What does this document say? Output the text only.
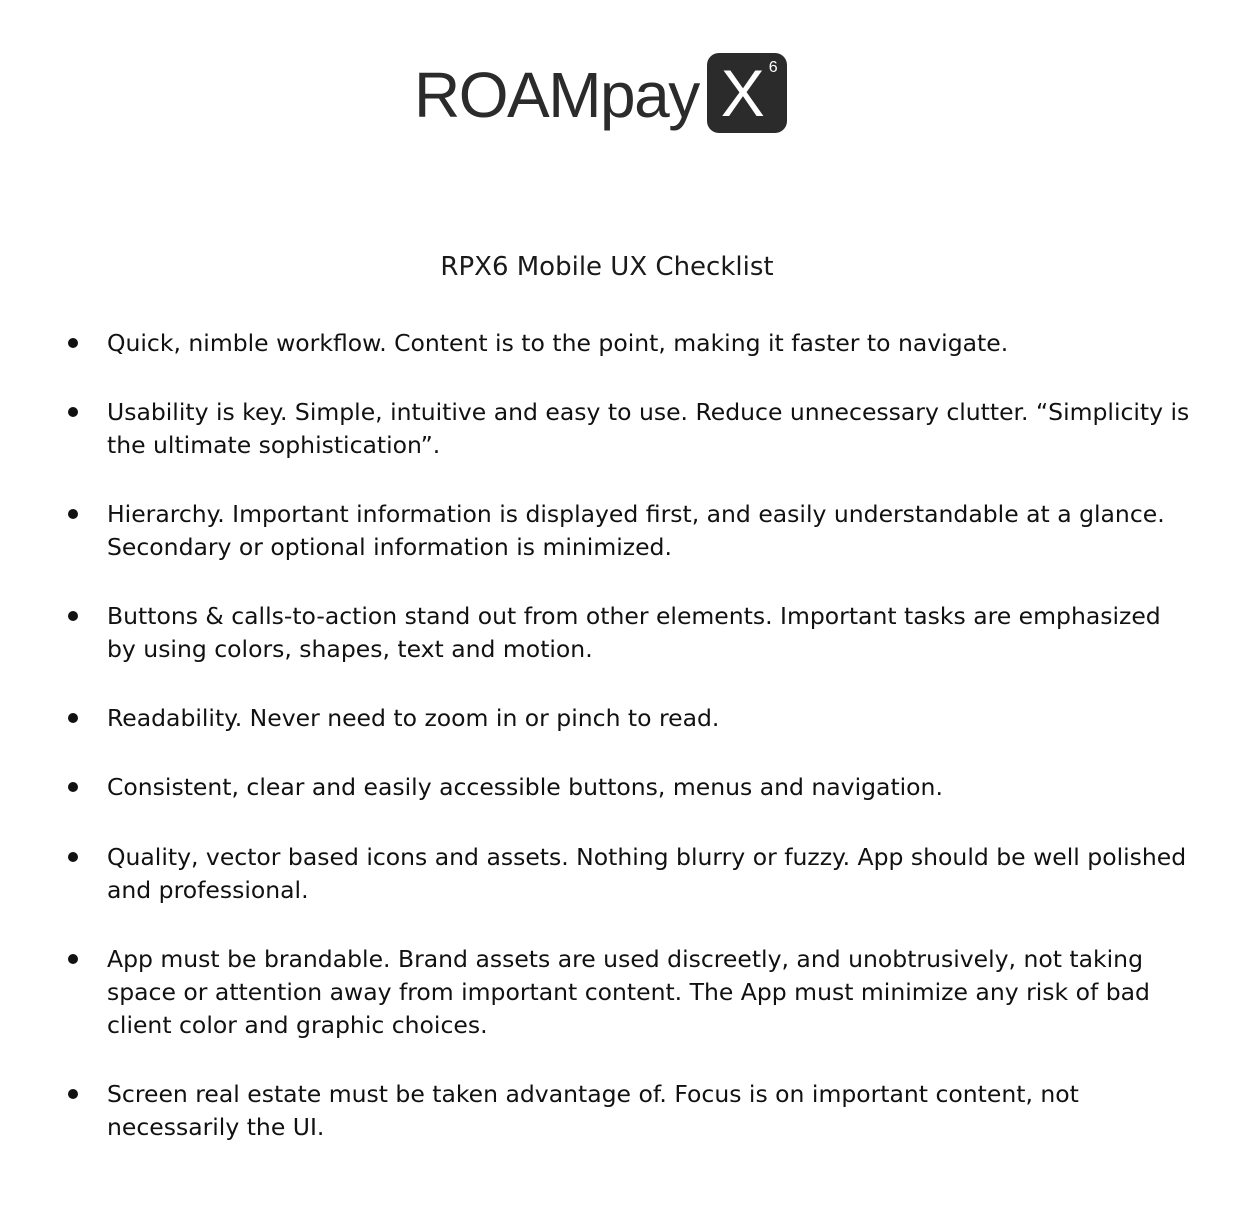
ROAMpay X 6
RPX6 Mobile UX Checklist
Quick, nimble workflow. Content is to the point, making it faster to navigate.
Usability is key. Simple, intuitive and easy to use. Reduce unnecessary clutter. “Simplicity is the ultimate sophistication”.
Hierarchy. Important information is displayed first, and easily understandable at a glance. Secondary or optional information is minimized.
Buttons & calls-to-action stand out from other elements. Important tasks are emphasized by using colors, shapes, text and motion.
Readability. Never need to zoom in or pinch to read.
Consistent, clear and easily accessible buttons, menus and navigation.
Quality, vector based icons and assets. Nothing blurry or fuzzy. App should be well polished and professional.
App must be brandable. Brand assets are used discreetly, and unobtrusively, not taking space or attention away from important content. The App must minimize any risk of bad client color and graphic choices.
Screen real estate must be taken advantage of. Focus is on important content, not necessarily the UI.
